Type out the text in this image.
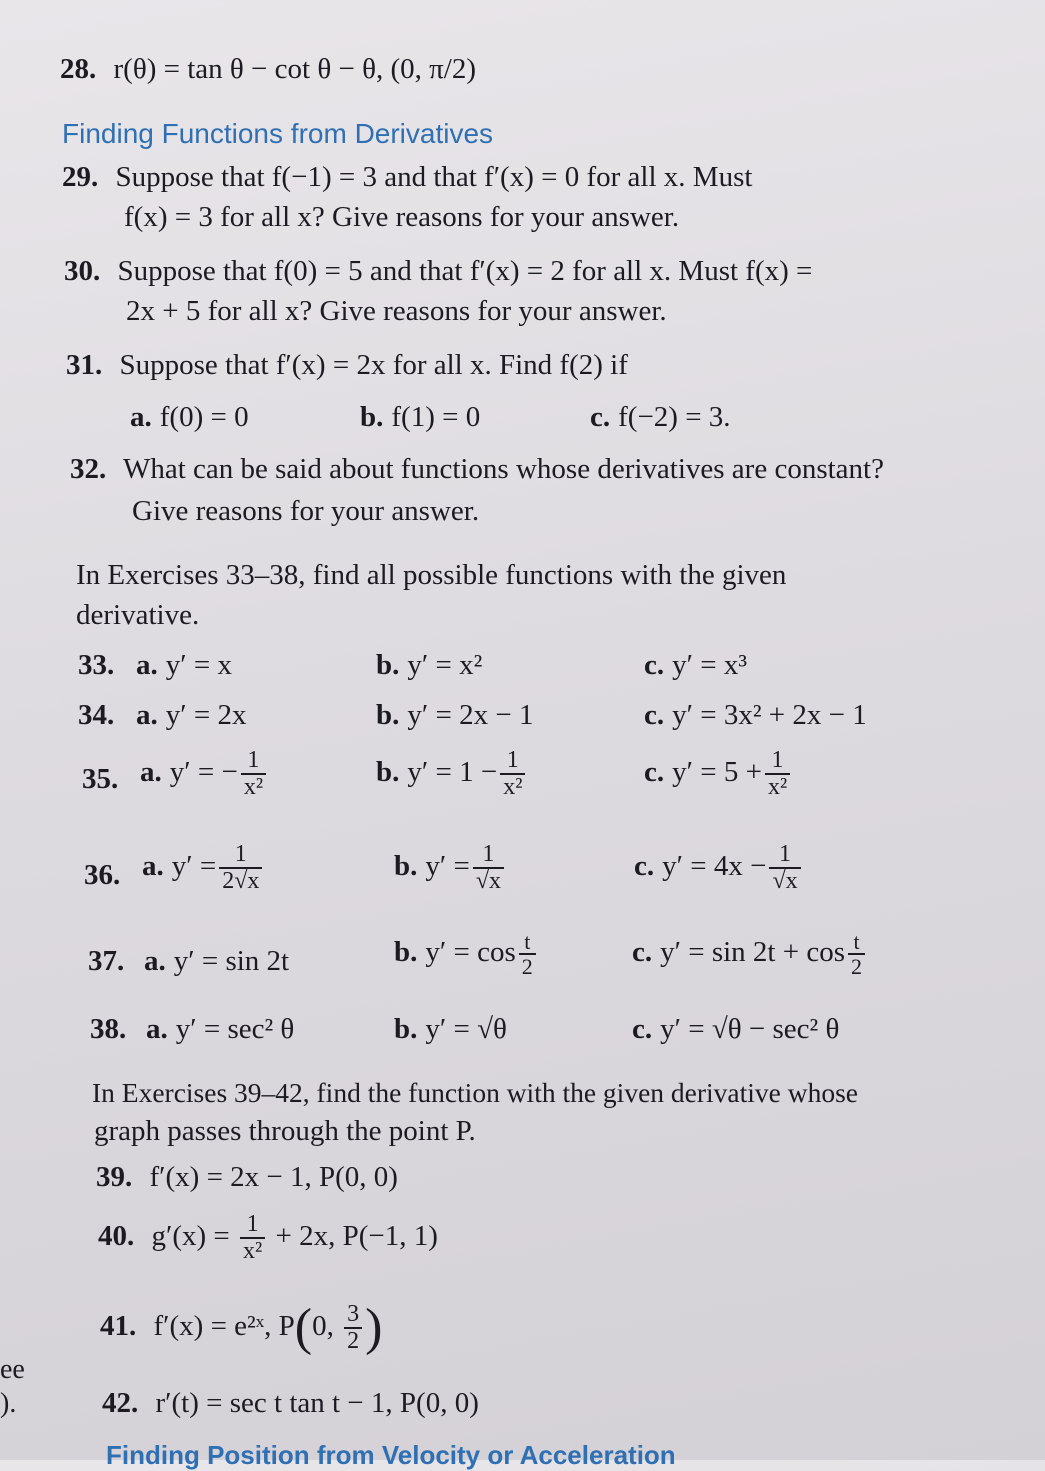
28. r(θ) = tan θ − cot θ − θ, (0, π/2)
Finding Functions from Derivatives
29. Suppose that f(−1) = 3 and that f′(x) = 0 for all x. Must
f(x) = 3 for all x? Give reasons for your answer.
30. Suppose that f(0) = 5 and that f′(x) = 2 for all x. Must f(x) =
2x + 5 for all x? Give reasons for your answer.
31. Suppose that f′(x) = 2x for all x. Find f(2) if
a. f(0) = 0	b. f(1) = 0	c. f(−2) = 3.
32. What can be said about functions whose derivatives are constant?
Give reasons for your answer.
In Exercises 33–38, find all possible functions with the given
derivative.
33. a. y′ = x	b. y′ = x²	c. y′ = x³
34. a. y′ = 2x	b. y′ = 2x − 1	c. y′ = 3x² + 2x − 1
35. a. y′ = − $\frac{1}{\text{x²}}$	b. $y' = 1 - \frac{1}{\text{x²}}$	c. $y' = 5 + \frac{1}{\text{x²}}$
36. a. $y' = \frac{1}{2√x}$	b. $y' = \frac{1}{√x}$	c. $y' = 4x - \frac{1}{√x}$
37. a. y′ = sin 2t	b. $y' = \cos \frac{t}{2}$	c. $y' = \sin 2t + \cos \frac{t}{2}$
38. a. y′ = sec² θ	b. y′ = √θ	c. y′ = √θ − sec² θ
In Exercises 39–42, find the function with the given derivative whose
graph passes through the point P.
39. f′(x) = 2x − 1, P(0, 0)
40. $g'(x) = \frac{1}{\text{x²}} + 2x$, P(−1, 1)
41. f′(x) = e²ˣ, P(0, $\frac{3}{2}$ )
42. r′(t) = sec t tan t − 1, P(0, 0)
Finding Position from Velocity or Acceleration
ee
).
